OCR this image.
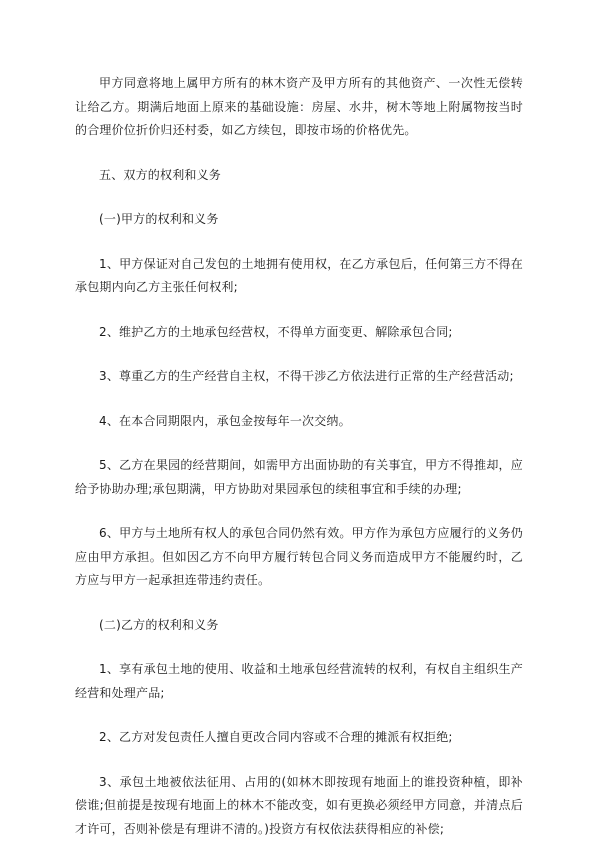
甲方同意将地上属甲方所有的林木资产及甲方所有的其他资产、一次性无偿转让给乙方。期满后地面上原来的基础设施：房屋、水井，树木等地上附属物按当时的合理价位折价归还村委，如乙方续包，即按市场的价格优先。

五、双方的权利和义务

(一)甲方的权利和义务

1、甲方保证对自己发包的土地拥有使用权，在乙方承包后，任何第三方不得在承包期内向乙方主张任何权利;

2、维护乙方的土地承包经营权，不得单方面变更、解除承包合同;

3、尊重乙方的生产经营自主权，不得干涉乙方依法进行正常的生产经营活动;

4、在本合同期限内，承包金按每年一次交纳。

5、乙方在果园的经营期间，如需甲方出面协助的有关事宜，甲方不得推却，应给予协助办理;承包期满，甲方协助对果园承包的续租事宜和手续的办理;

6、甲方与土地所有权人的承包合同仍然有效。甲方作为承包方应履行的义务仍应由甲方承担。但如因乙方不向甲方履行转包合同义务而造成甲方不能履约时，乙方应与甲方一起承担连带违约责任。

(二)乙方的权利和义务

1、享有承包土地的使用、收益和土地承包经营流转的权利，有权自主组织生产经营和处理产品;

2、乙方对发包责任人擅自更改合同内容或不合理的摊派有权拒绝;

3、承包土地被依法征用、占用的(如林木即按现有地面上的谁投资种植，即补偿谁;但前提是按现有地面上的林木不能改变，如有更换必须经甲方同意，并清点后才许可，否则补偿是有理讲不清的。)投资方有权依法获得相应的补偿;
